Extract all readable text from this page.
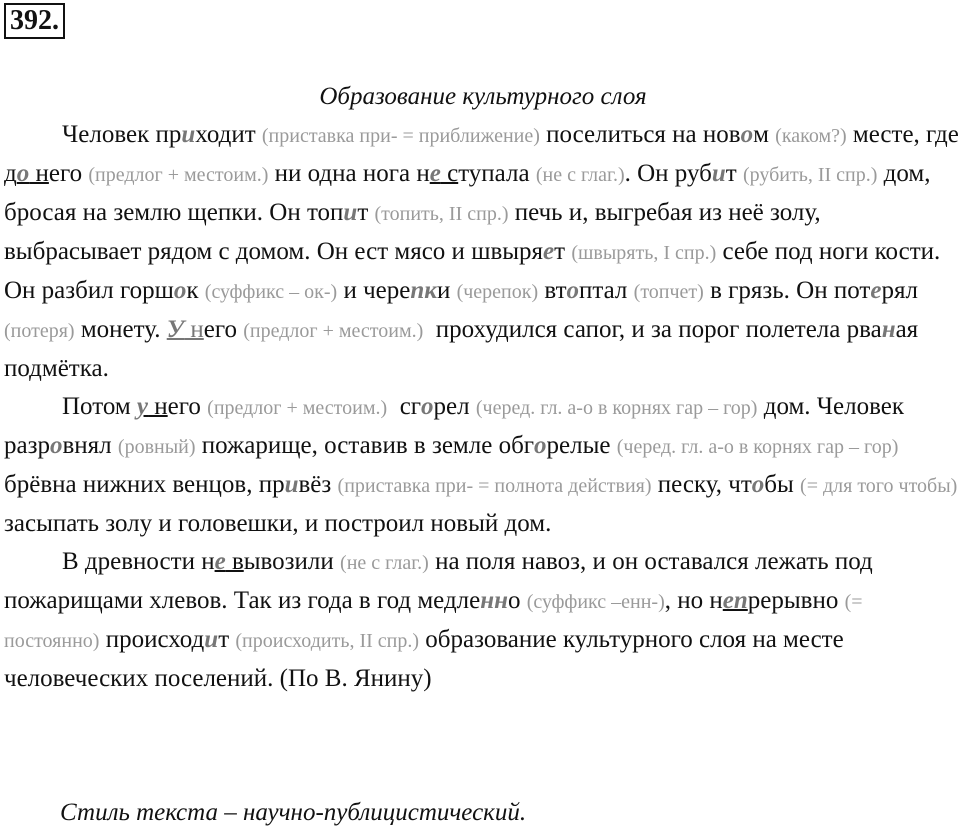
392.
Образование культурного слоя

Человек приходит (приставка при- = приближение) поселиться на новом (каком?) месте, где до него (предлог + местоим.) ни одна нога не ступала (не с глаг.). Он рубит (рубить, II спр.) дом, бросая на землю щепки. Он топит (топить, II спр.) печь и, выгребая из неё золу, выбрасывает рядом с домом. Он ест мясо и швыряет (швырять, I спр.) себе под ноги кости. Он разбил горшок (суффикс – ок-) и черепки (черепок) втоптал (топчет) в грязь. Он потерял (потеря) монету. У него (предлог + местоим.)  прохудился сапог, и за порог полетела рваная подмётка.

Потом у него (предлог + местоим.)  сгорел (черед. гл. а-о в корнях гар – гор) дом. Человек разровнял (ровный) пожарище, оставив в земле обгорелые (черед. гл. а-о в корнях гар – гор) брёвна нижних венцов, привёз (приставка при- = полнота действия) песку, чтобы (= для того чтобы) засыпать золу и головешки, и построил новый дом.

В древности не вывозили (не с глаг.) на поля навоз, и он оставался лежать под пожарищами хлевов. Так из года в год медленно (суффикс –енн-), но непрерывно (= постоянно) происходит (происходить, II спр.) образование культурного слоя на месте человеческих поселений. (По В. Янину)

Стиль текста – научно-публицистический.
